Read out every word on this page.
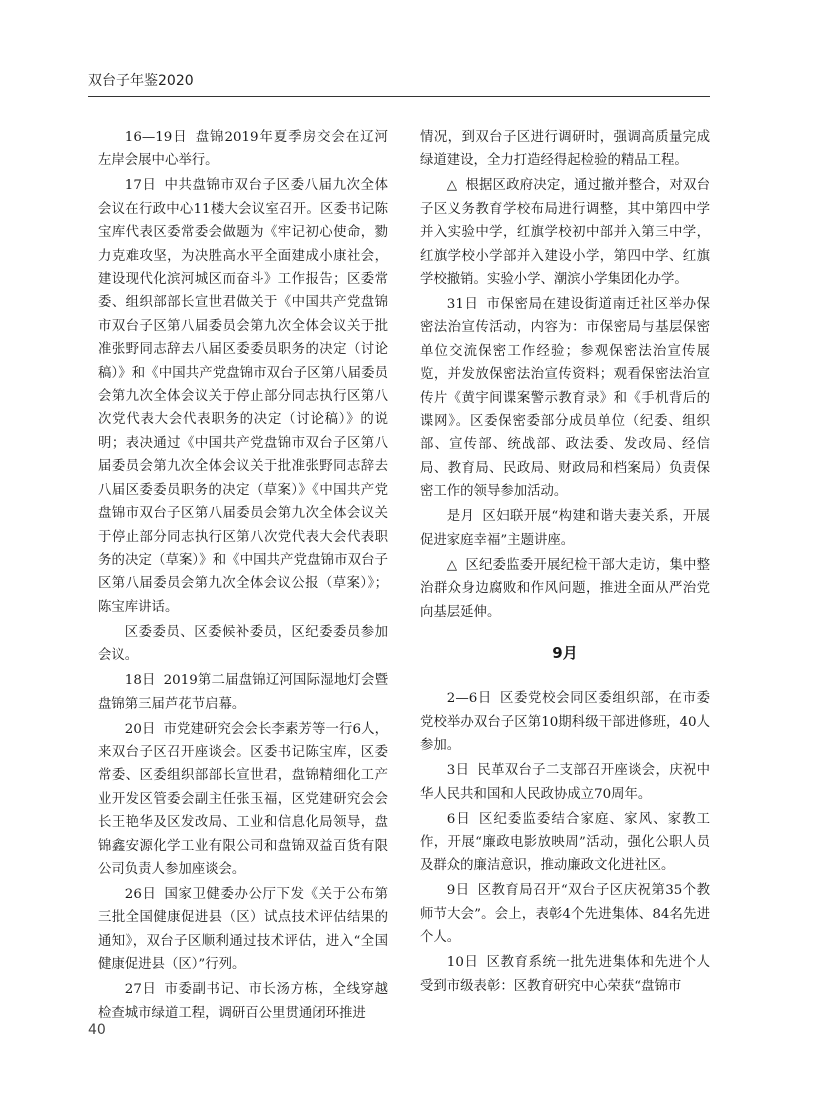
双台子年鉴2020

16—19日 盘锦2019年夏季房交会在辽河左岸会展中心举行。

17日 中共盘锦市双台子区委八届九次全体会议在行政中心11楼大会议室召开。区委书记陈宝库代表区委常委会做题为《牢记初心使命，勠力克难攻坚，为决胜高水平全面建成小康社会，建设现代化滨河城区而奋斗》工作报告；区委常委、组织部部长宣世君做关于《中国共产党盘锦市双台子区第八届委员会第九次全体会议关于批准张野同志辞去八届区委委员职务的决定（讨论稿）》和《中国共产党盘锦市双台子区第八届委员会第九次全体会议关于停止部分同志执行区第八次党代表大会代表职务的决定（讨论稿）》的说明；表决通过《中国共产党盘锦市双台子区第八届委员会第九次全体会议关于批准张野同志辞去八届区委委员职务的决定（草案）》《中国共产党盘锦市双台子区第八届委员会第九次全体会议关于停止部分同志执行区第八次党代表大会代表职务的决定（草案）》和《中国共产党盘锦市双台子区第八届委员会第九次全体会议公报（草案）》；陈宝库讲话。

区委委员、区委候补委员，区纪委委员参加会议。

18日 2019第二届盘锦辽河国际湿地灯会暨盘锦第三届芦花节启幕。

20日 市党建研究会会长李素芳等一行6人，来双台子区召开座谈会。区委书记陈宝库，区委常委、区委组织部部长宣世君，盘锦精细化工产业开发区管委会副主任张玉福，区党建研究会会长王艳华及区发改局、工业和信息化局领导，盘锦鑫安源化学工业有限公司和盘锦双益百货有限公司负责人参加座谈会。

26日 国家卫健委办公厅下发《关于公布第三批全国健康促进县（区）试点技术评估结果的通知》，双台子区顺利通过技术评估，进入“全国健康促进县（区）”行列。

27日 市委副书记、市长汤方栋，全线穿越检查城市绿道工程，调研百公里贯通闭环推进

情况，到双台子区进行调研时，强调高质量完成绿道建设，全力打造经得起检验的精品工程。

△ 根据区政府决定，通过撤并整合，对双台子区义务教育学校布局进行调整，其中第四中学并入实验中学，红旗学校初中部并入第三中学，红旗学校小学部并入建设小学，第四中学、红旗学校撤销。实验小学、潮滨小学集团化办学。

31日 市保密局在建设街道南迁社区举办保密法治宣传活动，内容为：市保密局与基层保密单位交流保密工作经验；参观保密法治宣传展览，并发放保密法治宣传资料；观看保密法治宣传片《黄宇间谍案警示教育录》和《手机背后的谍网》。区委保密委部分成员单位（纪委、组织部、宣传部、统战部、政法委、发改局、经信局、教育局、民政局、财政局和档案局）负责保密工作的领导参加活动。

是月 区妇联开展“构建和谐夫妻关系，开展促进家庭幸福”主题讲座。

△ 区纪委监委开展纪检干部大走访，集中整治群众身边腐败和作风问题，推进全面从严治党向基层延伸。

9月

2—6日 区委党校会同区委组织部，在市委党校举办双台子区第10期科级干部进修班，40人参加。

3日 民革双台子二支部召开座谈会，庆祝中华人民共和国和人民政协成立70周年。

6日 区纪委监委结合家庭、家风、家教工作，开展“廉政电影放映周”活动，强化公职人员及群众的廉洁意识，推动廉政文化进社区。

9日 区教育局召开“双台子区庆祝第35个教师节大会”。会上，表彰4个先进集体、84名先进个人。

10日 区教育系统一批先进集体和先进个人受到市级表彰：区教育研究中心荣获“盘锦市

40
